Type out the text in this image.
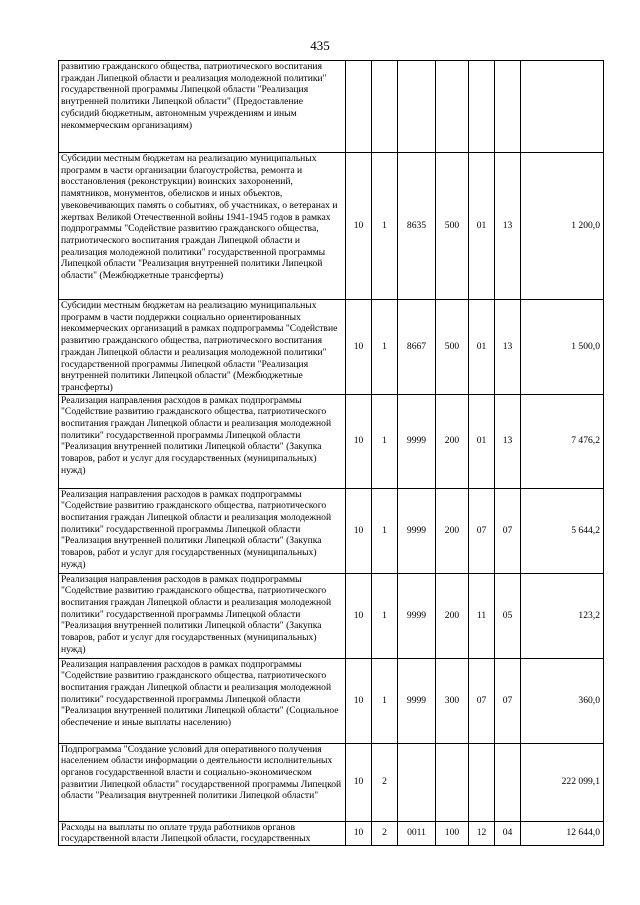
435
развитию гражданского общества, патриотического воспитания граждан Липецкой области и реализация молодежной политики" государственной программы Липецкой области "Реализация внутренней политики Липецкой области" (Предоставление субсидий бюджетным, автономным учреждениям и иным некоммерческим организациям)							
Субсидии местным бюджетам на реализацию муниципальных программ в части организации благоустройства, ремонта и восстановления (реконструкции) воинских захоронений, памятников, монументов, обелисков и иных объектов, увековечивающих память о событиях, об участниках, о ветеранах и жертвах Великой Отечественной войны 1941-1945 годов в рамках подпрограммы "Содействие развитию гражданского общества, патриотического воспитания граждан Липецкой области и реализация молодежной политики" государственной программы Липецкой области "Реализация внутренней политики Липецкой области" (Межбюджетные трансферты)	10	1	8635	500	01	13	1 200,0
Субсидии местным бюджетам на реализацию муниципальных программ в части поддержки социально ориентированных некоммерческих организаций в рамках подпрограммы "Содействие развитию гражданского общества, патриотического воспитания граждан Липецкой области и реализация молодежной политики" государственной программы Липецкой области "Реализация внутренней политики Липецкой области" (Межбюджетные трансферты)	10	1	8667	500	01	13	1 500,0
Реализация направления расходов в рамках подпрограммы "Содействие развитию гражданского общества, патриотического воспитания граждан Липецкой области и реализация молодежной политики" государственной программы Липецкой области "Реализация внутренней политики Липецкой области" (Закупка товаров, работ и услуг для государственных (муниципальных) нужд)	10	1	9999	200	01	13	7 476,2
Реализация направления расходов в рамках подпрограммы "Содействие развитию гражданского общества, патриотического воспитания граждан Липецкой области и реализация молодежной политики" государственной программы Липецкой области "Реализация внутренней политики Липецкой области" (Закупка товаров, работ и услуг для государственных (муниципальных) нужд)	10	1	9999	200	07	07	5 644,2
Реализация направления расходов в рамках подпрограммы "Содействие развитию гражданского общества, патриотического воспитания граждан Липецкой области и реализация молодежной политики" государственной программы Липецкой области "Реализация внутренней политики Липецкой области" (Закупка товаров, работ и услуг для государственных (муниципальных) нужд)	10	1	9999	200	11	05	123,2
Реализация направления расходов в рамках подпрограммы "Содействие развитию гражданского общества, патриотического воспитания граждан Липецкой области и реализация молодежной политики" государственной программы Липецкой области "Реализация внутренней политики Липецкой области" (Социальное обеспечение и иные выплаты населению)	10	1	9999	300	07	07	360,0
Подпрограмма "Создание условий для оперативного получения населением области информации о деятельности исполнительных органов государственной власти и социально-экономическом развитии Липецкой области" государственной программы Липецкой области "Реализация внутренней политики Липецкой области"	10	2					222 099,1
Расходы на выплаты по оплате труда работников органов государственной власти Липецкой области, государственных	10	2	0011	100	12	04	12 644,0
